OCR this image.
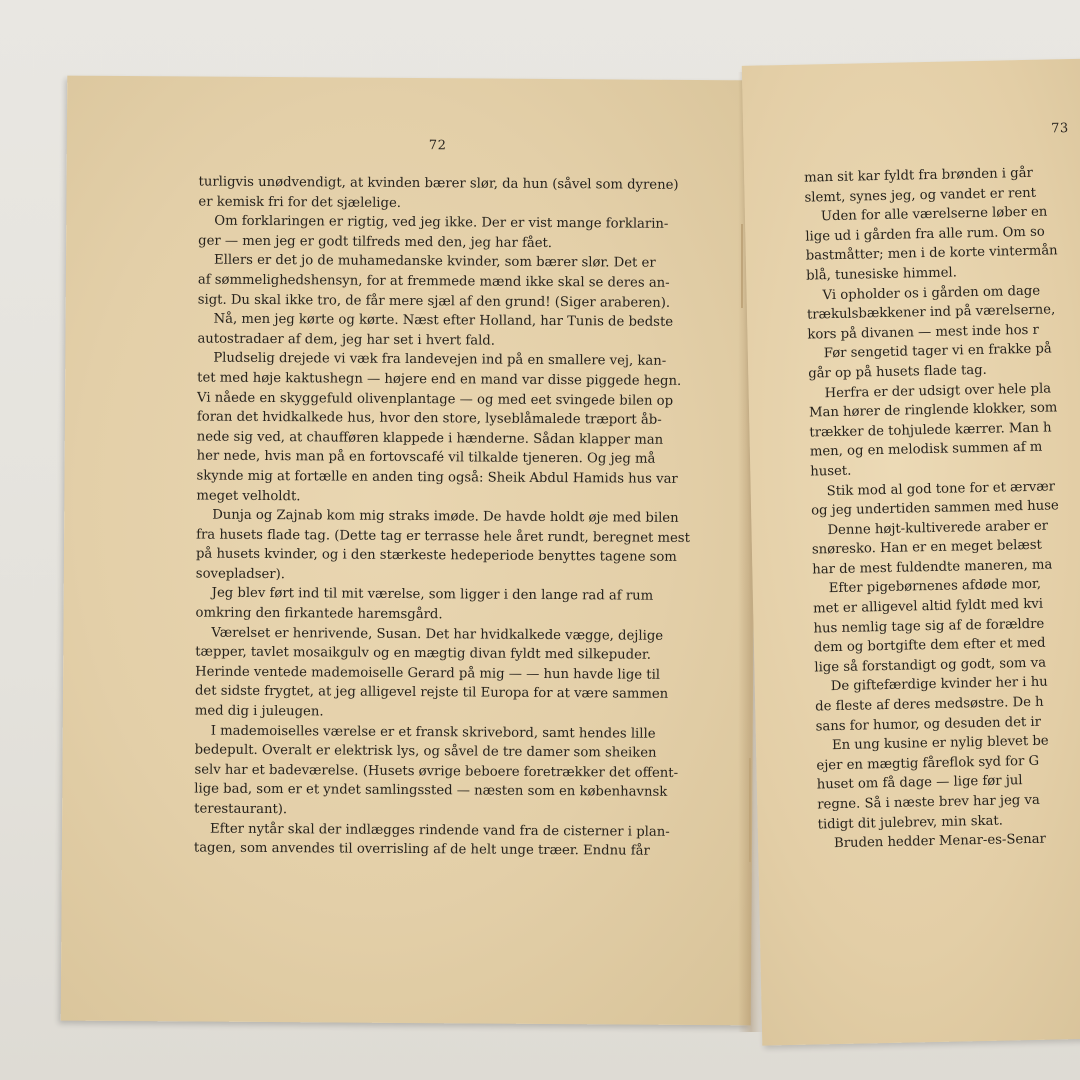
72
turligvis unødvendigt, at kvinden bærer slør, da hun (såvel som dyrene)
er kemisk fri for det sjælelige.
Om forklaringen er rigtig, ved jeg ikke. Der er vist mange forklarin-
ger — men jeg er godt tilfreds med den, jeg har fået.
Ellers er det jo de muhamedanske kvinder, som bærer slør. Det er
af sømmelighedshensyn, for at fremmede mænd ikke skal se deres an-
sigt. Du skal ikke tro, de får mere sjæl af den grund! (Siger araberen).
Nå, men jeg kørte og kørte. Næst efter Holland, har Tunis de bedste
autostradaer af dem, jeg har set i hvert fald.
Pludselig drejede vi væk fra landevejen ind på en smallere vej, kan-
tet med høje kaktushegn — højere end en mand var disse piggede hegn.
Vi nåede en skyggefuld olivenplantage — og med eet svingede bilen op
foran det hvidkalkede hus, hvor den store, lyseblåmalede træport åb-
nede sig ved, at chaufføren klappede i hænderne. Sådan klapper man
her nede, hvis man på en fortovscafé vil tilkalde tjeneren. Og jeg må
skynde mig at fortælle en anden ting også: Sheik Abdul Hamids hus var
meget velholdt.
Dunja og Zajnab kom mig straks imøde. De havde holdt øje med bilen
fra husets flade tag. (Dette tag er terrasse hele året rundt, beregnet mest
på husets kvinder, og i den stærkeste hedeperiode benyttes tagene som
sovepladser).
Jeg blev ført ind til mit værelse, som ligger i den lange rad af rum
omkring den firkantede haremsgård.
Værelset er henrivende, Susan. Det har hvidkalkede vægge, dejlige
tæpper, tavlet mosaikgulv og en mægtig divan fyldt med silkepuder.
Herinde ventede mademoiselle Gerard på mig — — hun havde lige til
det sidste frygtet, at jeg alligevel rejste til Europa for at være sammen
med dig i juleugen.
I mademoiselles værelse er et fransk skrivebord, samt hendes lille
bedepult. Overalt er elektrisk lys, og såvel de tre damer som sheiken
selv har et badeværelse. (Husets øvrige beboere foretrækker det offent-
lige bad, som er et yndet samlingssted — næsten som en københavnsk
terestaurant).
Efter nytår skal der indlægges rindende vand fra de cisterner i plan-
tagen, som anvendes til overrisling af de helt unge træer. Endnu får
73
man sit kar fyldt fra brønden i går
slemt, synes jeg, og vandet er rent
Uden for alle værelserne løber en
lige ud i gården fra alle rum. Om so
bastmåtter; men i de korte vintermån
blå, tunesiske himmel.
Vi opholder os i gården om dage
trækulsbækkener ind på værelserne,
kors på divanen — mest inde hos r
Før sengetid tager vi en frakke på
går op på husets flade tag.
Herfra er der udsigt over hele pla
Man hører de ringlende klokker, som
trækker de tohjulede kærrer. Man h
men, og en melodisk summen af m
huset.
Stik mod al god tone for et ærvær
og jeg undertiden sammen med huse
Denne højt-kultiverede araber er
snøresko. Han er en meget belæst
har de mest fuldendte maneren, ma
Efter pigebørnenes afdøde mor,
met er alligevel altid fyldt med kvi
hus nemlig tage sig af de forældre
dem og bortgifte dem efter et med
lige så forstandigt og godt, som va
De giftefærdige kvinder her i hu
de fleste af deres medsøstre. De h
sans for humor, og desuden det ir
En ung kusine er nylig blevet be
ejer en mægtig fåreflok syd for G
huset om få dage — lige før jul
regne. Så i næste brev har jeg va
tidigt dit julebrev, min skat.
Bruden hedder Menar-es-Senar
